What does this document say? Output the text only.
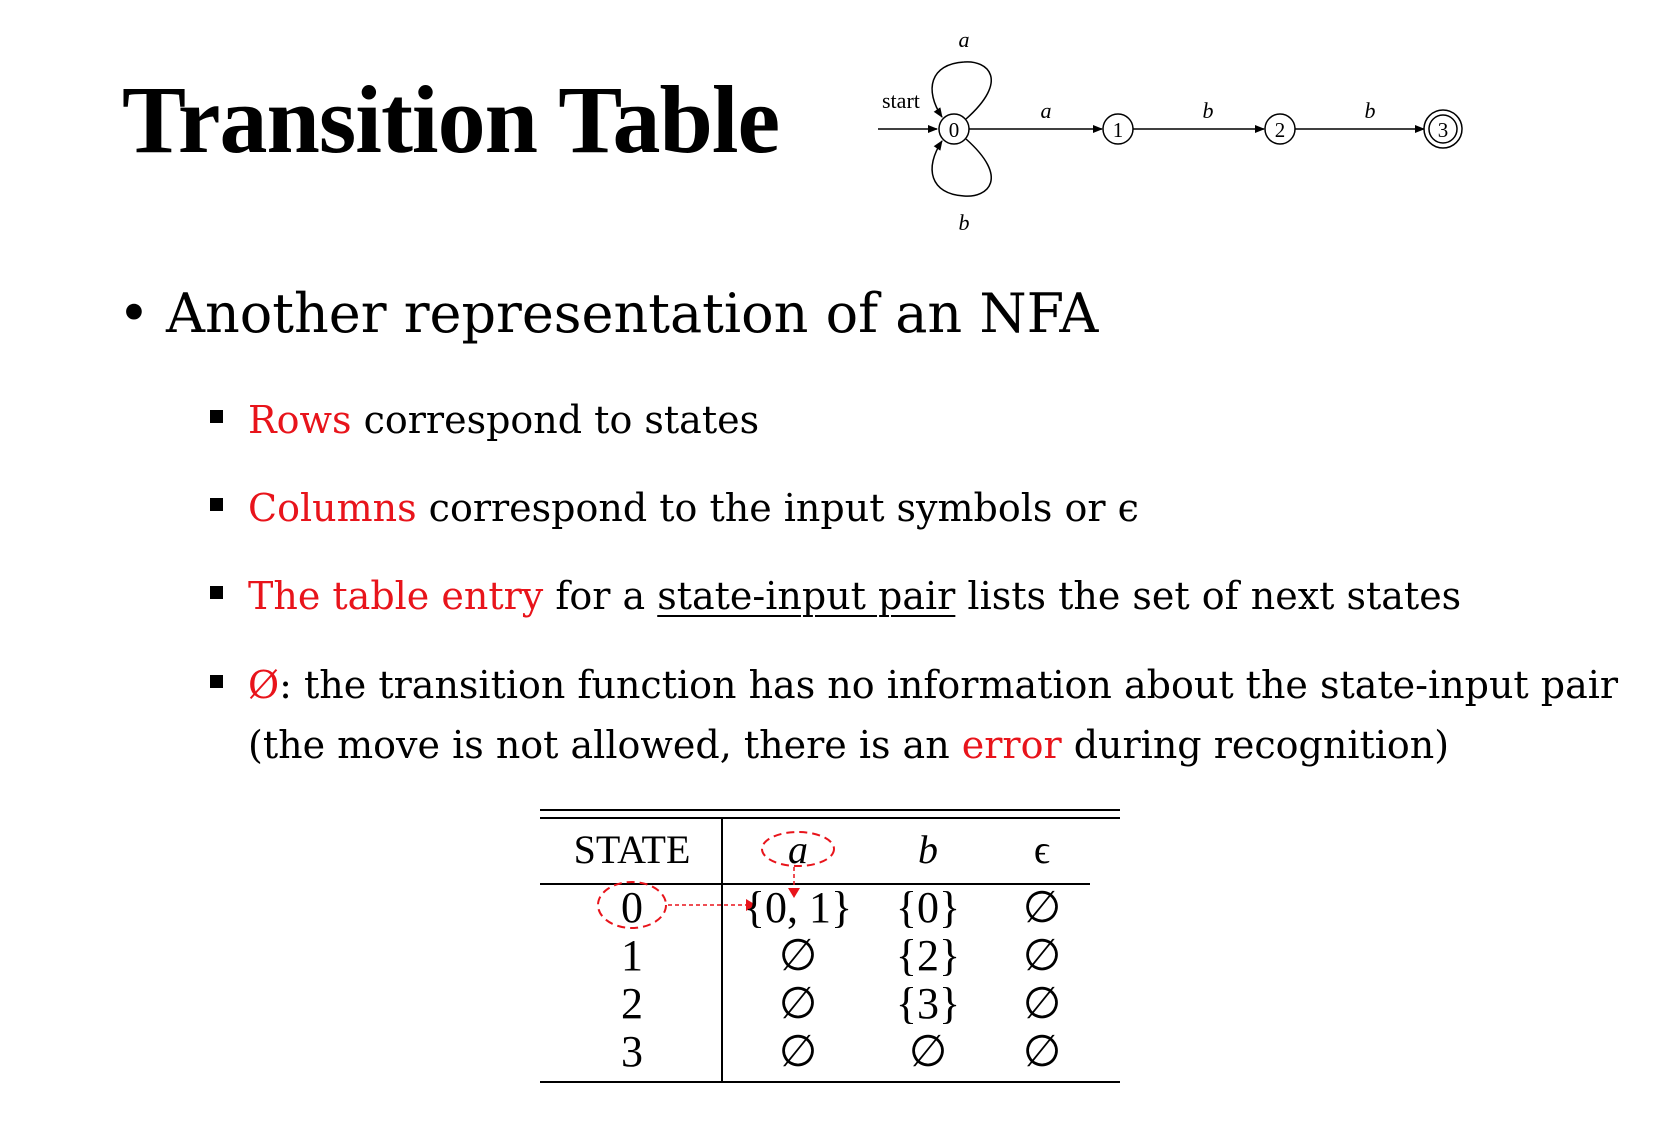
Transition Table	start
0
a
b
a
1
b
2
b
3
• Another representation of an NFA
Rows correspond to states
Columns correspond to the input symbols or ϵ
The table entry for a state-input pair lists the set of next states
Ø: the transition function has no information about the state-input pair
(the move is not allowed, there is an error during recognition)
STATE a	b ϵ
0 {0, 1} {0} ∅
1	∅ {2} ∅
2	∅ {3} ∅
3	∅ ∅ ∅
